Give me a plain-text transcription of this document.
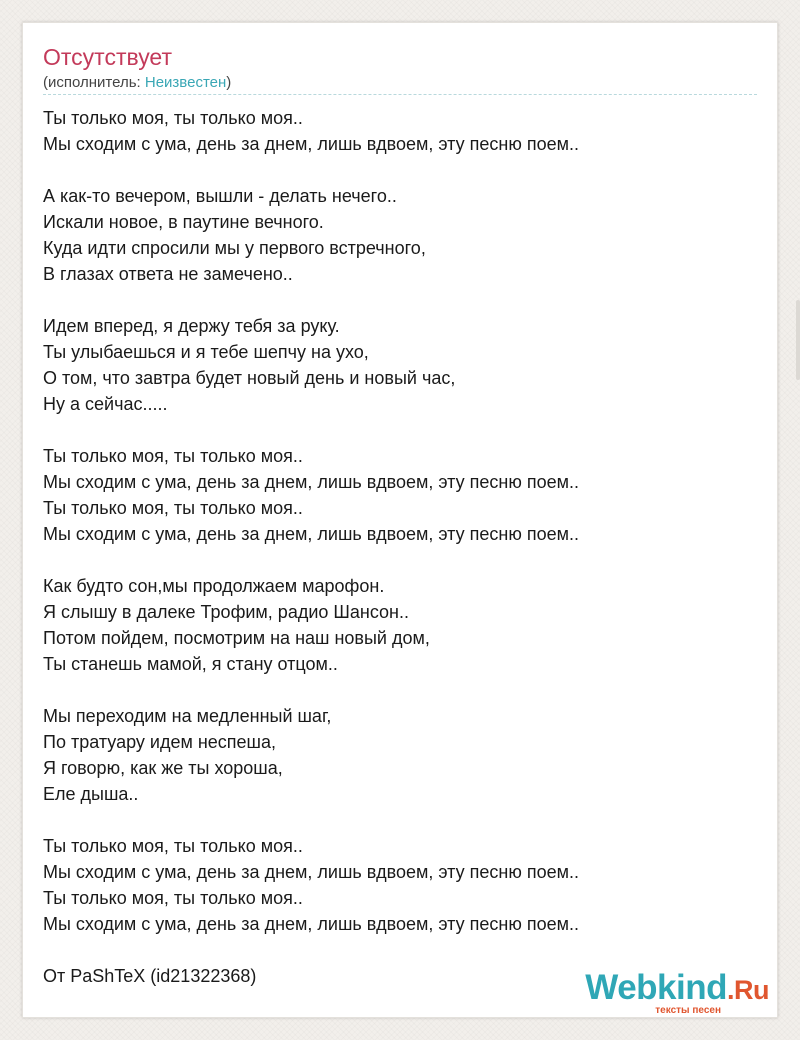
Отсутствует
(исполнитель: Неизвестен)
Ты только моя, ты только моя..
Мы сходим с ума, день за днем, лишь вдвоем, эту песню поем..
А как-то вечером, вышли - делать нечего..
Искали новое, в паутине вечного.
Куда идти спросили мы у первого встречного,
В глазах ответа не замечено..
Идем вперед, я держу тебя за руку.
Ты улыбаешься и я тебе шепчу на ухо,
О том, что завтра будет новый день и новый час,
Ну а сейчас.....
Ты только моя, ты только моя..
Мы сходим с ума, день за днем, лишь вдвоем, эту песню поем..
Ты только моя, ты только моя..
Мы сходим с ума, день за днем, лишь вдвоем, эту песню поем..
Как будто сон,мы продолжаем марофон.
Я слышу в далеке Трофим, радио Шансон..
Потом пойдем, посмотрим на наш новый дом,
Ты станешь мамой, я стану отцом..
Мы переходим на медленный шаг,
По тратуару идем неспеша,
Я говорю, как же ты хороша,
Еле дыша..
Ты только моя, ты только моя..
Мы сходим с ума, день за днем, лишь вдвоем, эту песню поем..
Ты только моя, ты только моя..
Мы сходим с ума, день за днем, лишь вдвоем, эту песню поем..
От PaShTeX (id21322368)	Webkind.Ru
тексты песен
